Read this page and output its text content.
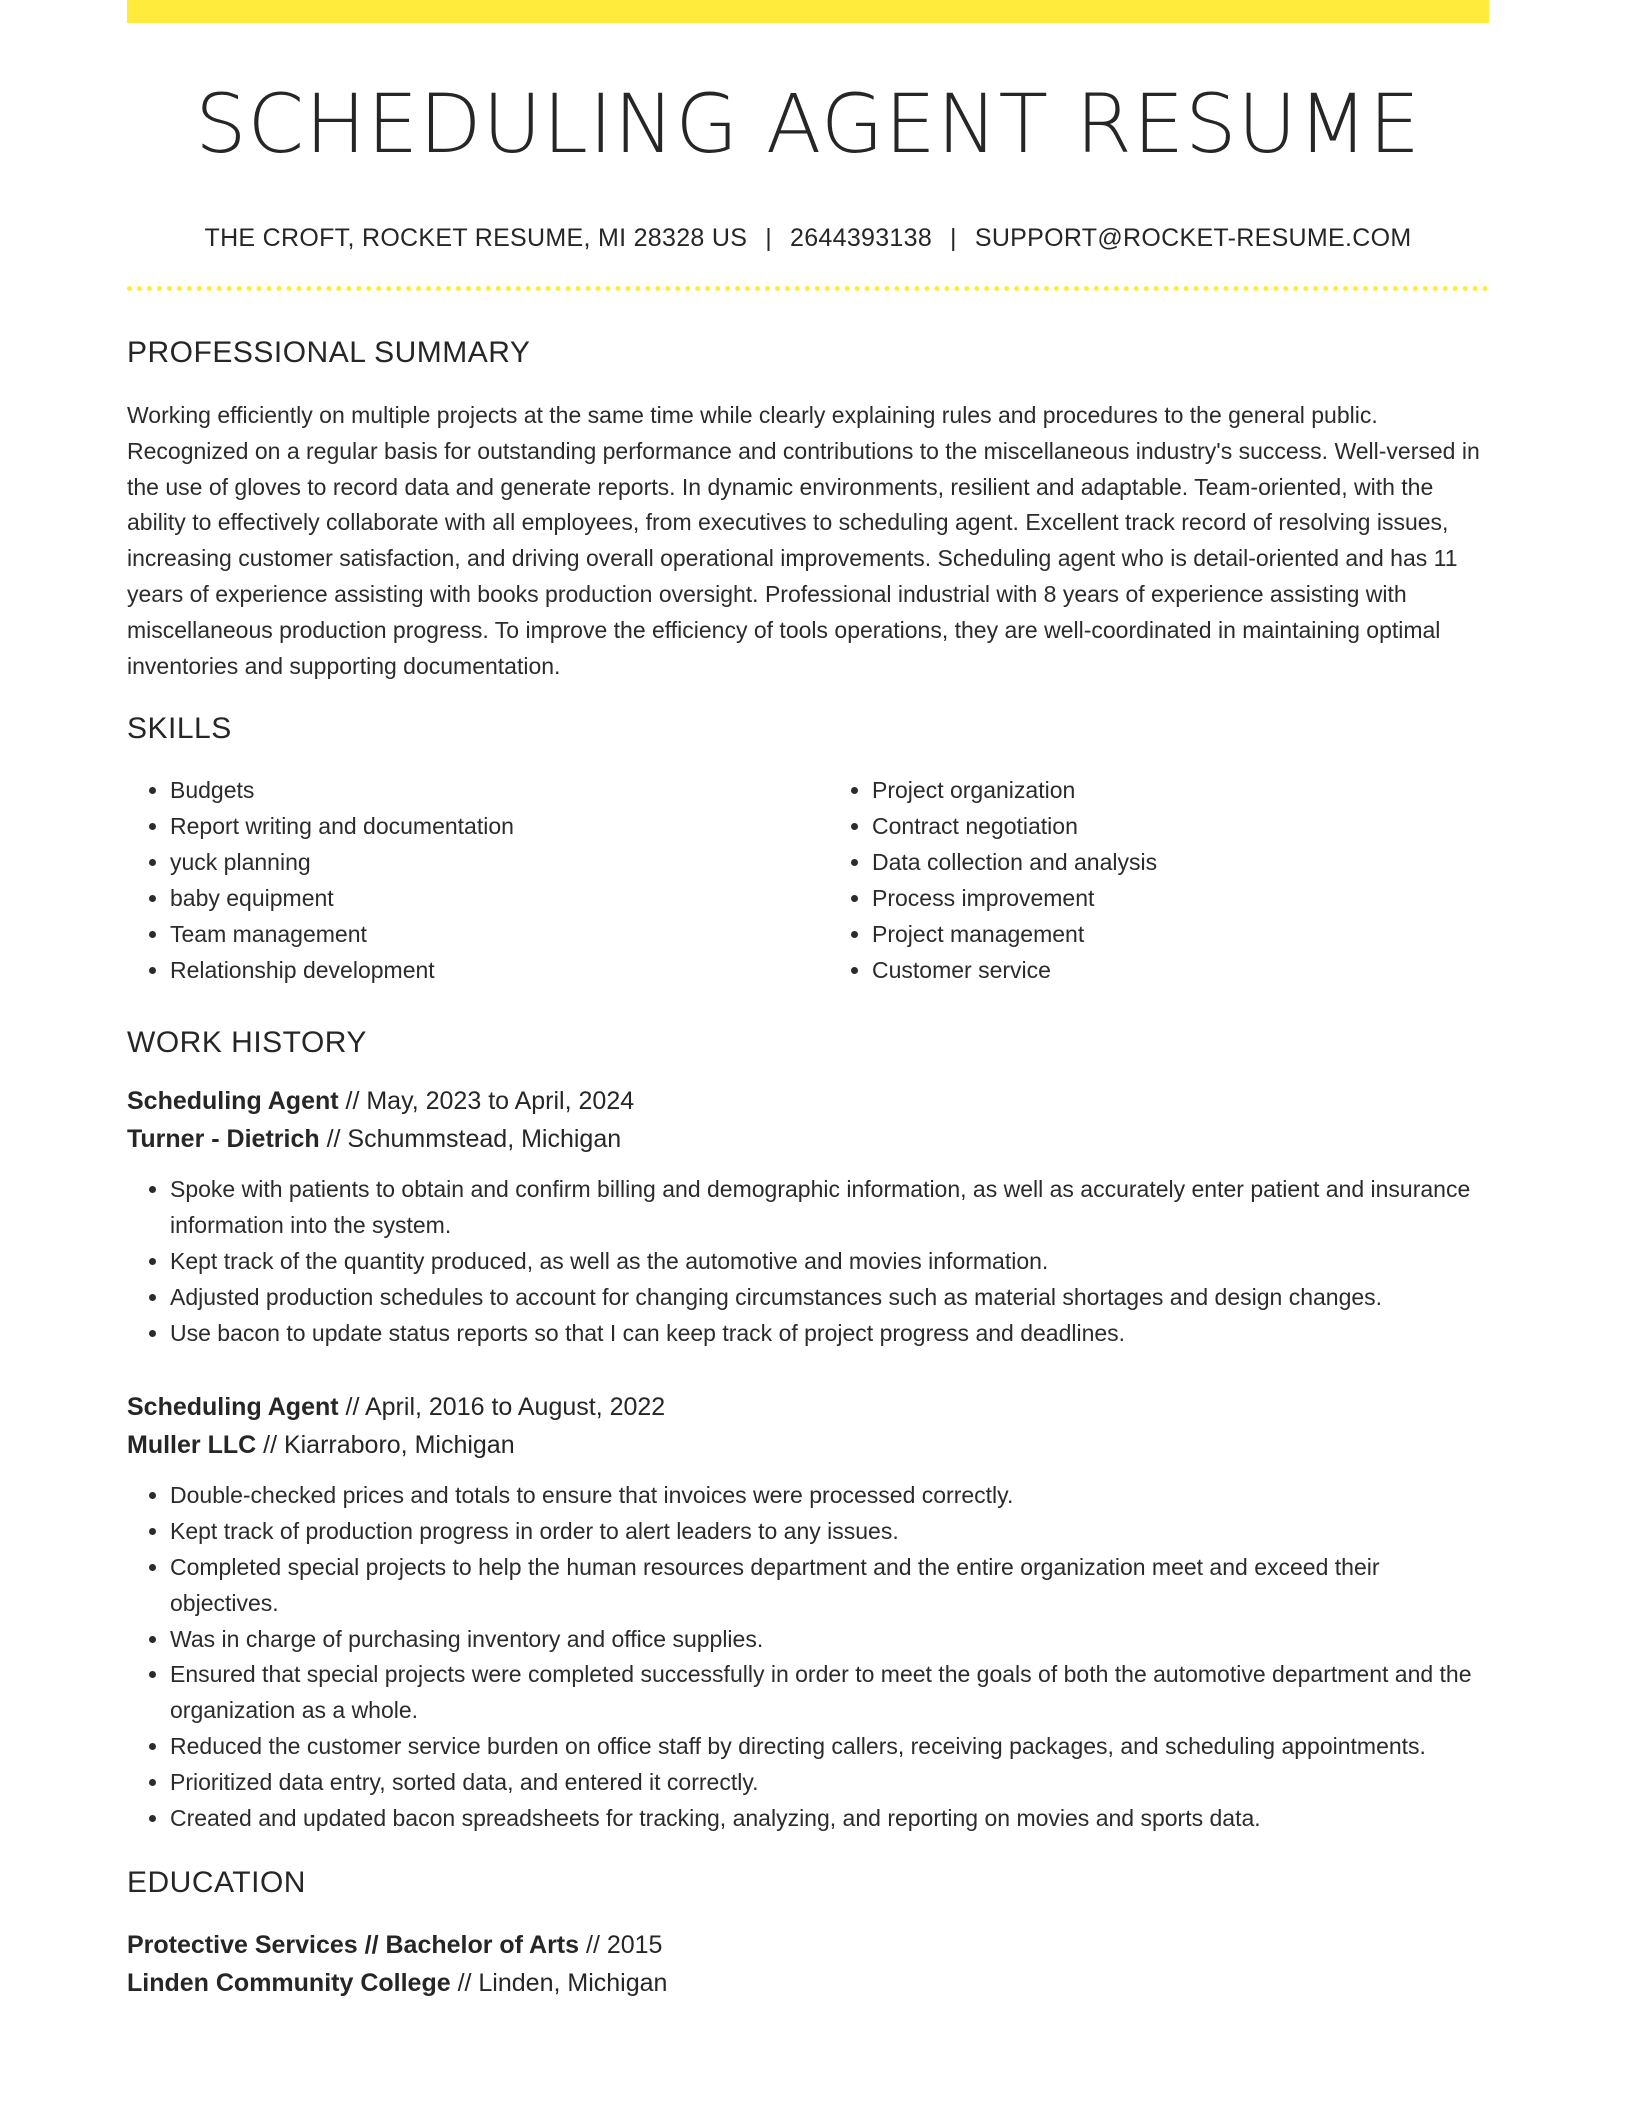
SCHEDULING AGENT RESUME
THE CROFT, ROCKET RESUME, MI 28328 US | 2644393138 | SUPPORT@ROCKET-RESUME.COM
PROFESSIONAL SUMMARY
Working efficiently on multiple projects at the same time while clearly explaining rules and procedures to the general public. Recognized on a regular basis for outstanding performance and contributions to the miscellaneous industry's success. Well-versed in the use of gloves to record data and generate reports. In dynamic environments, resilient and adaptable. Team-oriented, with the ability to effectively collaborate with all employees, from executives to scheduling agent. Excellent track record of resolving issues, increasing customer satisfaction, and driving overall operational improvements. Scheduling agent who is detail-oriented and has 11 years of experience assisting with books production oversight. Professional industrial with 8 years of experience assisting with miscellaneous production progress. To improve the efficiency of tools operations, they are well-coordinated in maintaining optimal inventories and supporting documentation.
SKILLS
• Budgets
• Report writing and documentation
• yuck planning
• baby equipment
• Team management
• Relationship development
• Project organization
• Contract negotiation
• Data collection and analysis
• Process improvement
• Project management
• Customer service
WORK HISTORY
Scheduling Agent // May, 2023 to April, 2024
Turner - Dietrich // Schummstead, Michigan
• Spoke with patients to obtain and confirm billing and demographic information, as well as accurately enter patient and insurance information into the system.
• Kept track of the quantity produced, as well as the automotive and movies information.
• Adjusted production schedules to account for changing circumstances such as material shortages and design changes.
• Use bacon to update status reports so that I can keep track of project progress and deadlines.
Scheduling Agent // April, 2016 to August, 2022
Muller LLC // Kiarraboro, Michigan
• Double-checked prices and totals to ensure that invoices were processed correctly.
• Kept track of production progress in order to alert leaders to any issues.
• Completed special projects to help the human resources department and the entire organization meet and exceed their objectives.
• Was in charge of purchasing inventory and office supplies.
• Ensured that special projects were completed successfully in order to meet the goals of both the automotive department and the organization as a whole.
• Reduced the customer service burden on office staff by directing callers, receiving packages, and scheduling appointments.
• Prioritized data entry, sorted data, and entered it correctly.
• Created and updated bacon spreadsheets for tracking, analyzing, and reporting on movies and sports data.
EDUCATION
Protective Services // Bachelor of Arts // 2015
Linden Community College // Linden, Michigan
